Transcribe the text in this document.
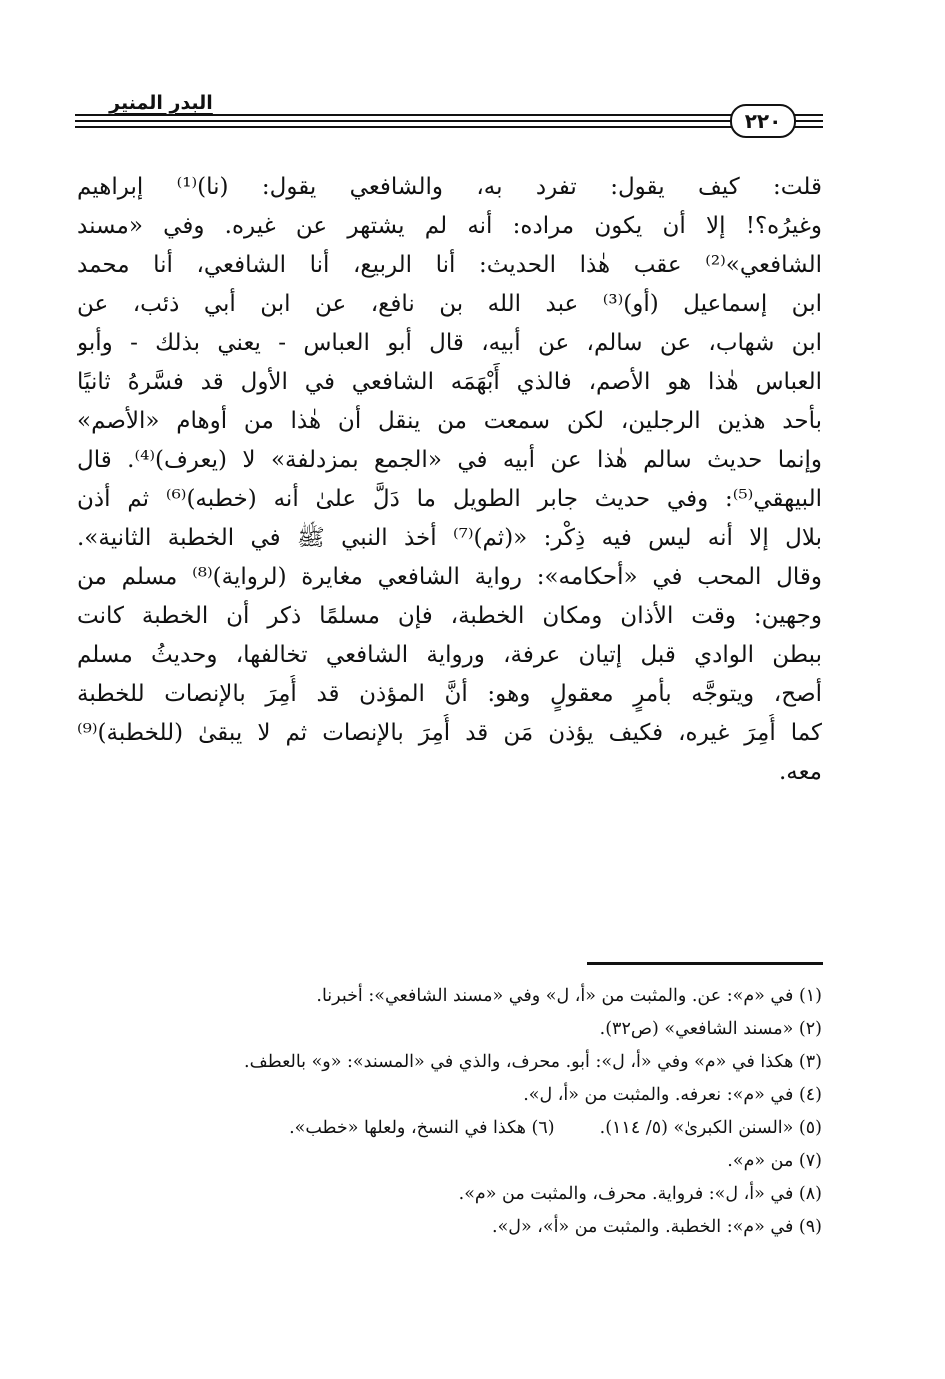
البدر المنير
٢٢٠
قلت: كيف يقول: تفرد به، والشافعي يقول: (نا)⁽¹⁾ إبراهيم
وغيرُه؟! إلا أن يكون مراده: أنه لم يشتهر عن غيره. وفي «مسند
الشافعي»⁽²⁾ عقب هٰذا الحديث: أنا الربيع، أنا الشافعي، أنا محمد
ابن إسماعيل (أو)⁽³⁾ عبد الله بن نافع، عن ابن أبي ذئب، عن
ابن شهاب، عن سالم، عن أبيه، قال أبو العباس - يعني بذلك - وأبو
العباس هٰذا هو الأصم، فالذي أَبْهَمَه الشافعي في الأول قد فسَّرهُ ثانيًا
بأحد هذين الرجلين، لكن سمعت من ينقل أن هٰذا من أوهام «الأصم»
وإنما حديث سالم هٰذا عن أبيه في «الجمع بمزدلفة» لا (يعرف)⁽⁴⁾. قال
البيهقي⁽⁵⁾: وفي حديث جابر الطويل ما دَلَّ علىٰ أنه (خطبه)⁽⁶⁾ ثم أذن
بلال إلا أنه ليس فيه ذِكْر: «(ثم)⁽⁷⁾ أخذ النبي ﷺ في الخطبة الثانية».
وقال المحب في «أحكامه»: رواية الشافعي مغايرة (لرواية)⁽⁸⁾ مسلم من
وجهين: وقت الأذان ومكان الخطبة، فإن مسلمًا ذكر أن الخطبة كانت
ببطن الوادي قبل إتيان عرفة، ورواية الشافعي تخالفها، وحديثُ مسلم
أصح، ويتوجَّه بأمرٍ معقولٍ وهو: أنَّ المؤذن قد أُمِرَ بالإنصات للخطبة
كما أُمِرَ غيره، فكيف يؤذن مَن قد أُمِرَ بالإنصات ثم لا يبقىٰ (للخطبة)⁽⁹⁾
معه.
(١) في «م»: عن. والمثبت من «أ، ل» وفي «مسند الشافعي»: أخبرنا.
(٢) «مسند الشافعي» (ص٣٢).
(٣) هكذا في «م» وفي «أ، ل»: أبو. محرف، والذي في «المسند»: «و» بالعطف.
(٤) في «م»: نعرفه. والمثبت من «أ، ل».
(٥) «السنن الكبرىٰ» (٥/ ١١٤).(٦) هكذا في النسخ، ولعلها «خطب».
(٧) من «م».
(٨) في «أ، ل»: فرواية. محرف، والمثبت من «م».
(٩) في «م»: الخطبة. والمثبت من «أ»، «ل».
